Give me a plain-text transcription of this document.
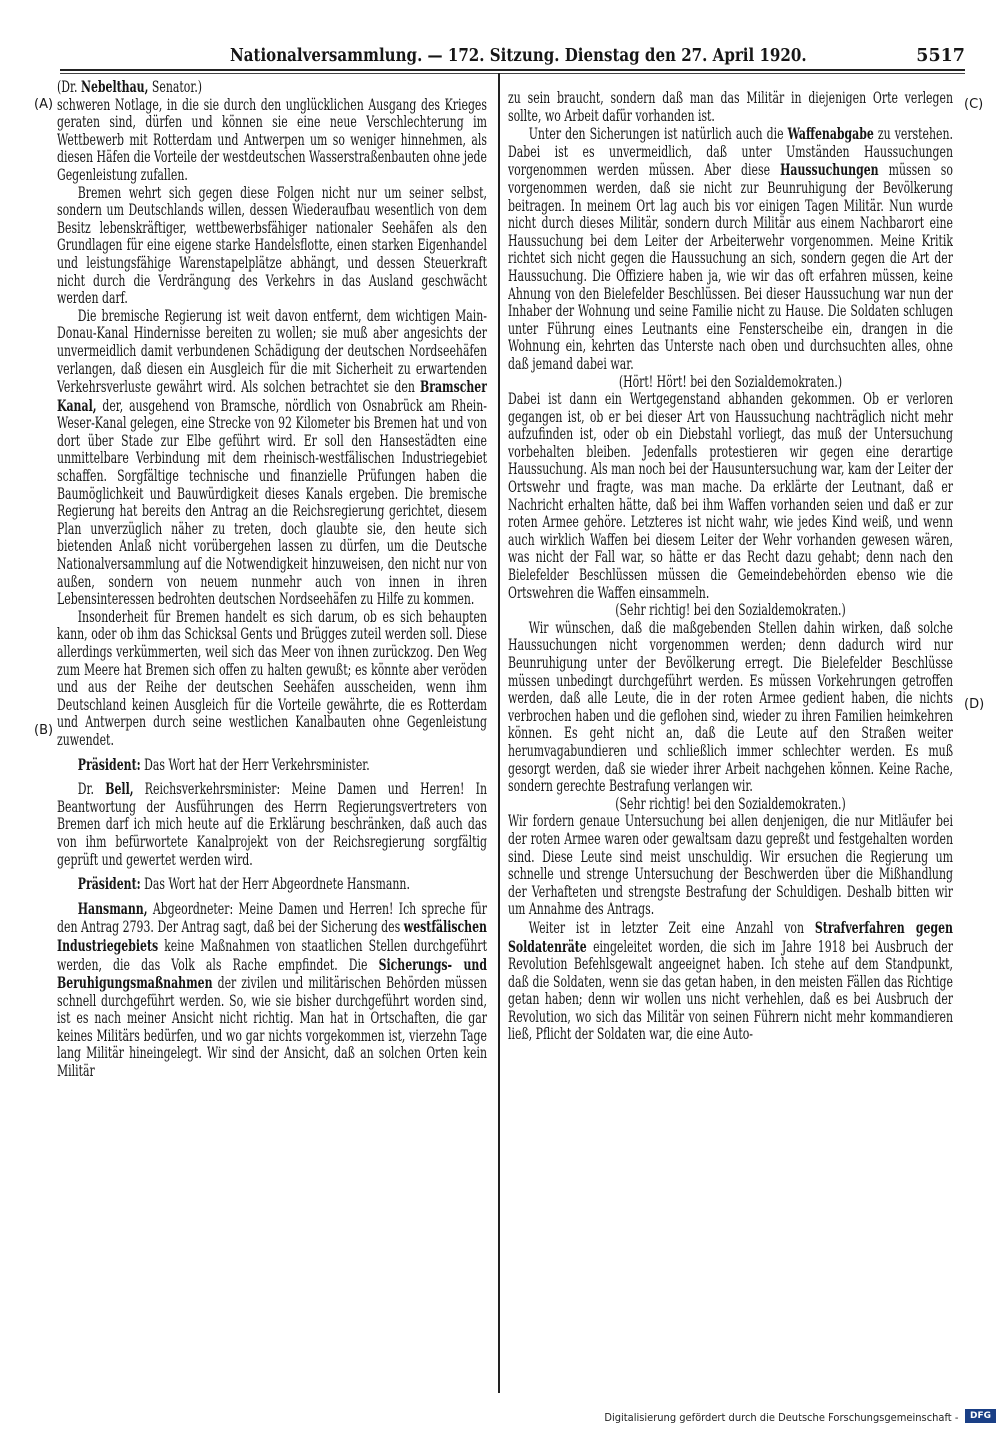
Nationalversammlung. — 172. Sitzung. Dienstag den 27. April 1920.	5517
(A)
(B)
(C)
(D)

(Dr. Nebelthau, Senator.)

schweren Notlage, in die sie durch den unglücklichen Ausgang des Krieges geraten sind, dürfen und können sie eine neue Verschlechterung im Wettbewerb mit Rotterdam und Antwerpen um so weniger hinnehmen, als diesen Häfen die Vorteile der westdeutschen Wasserstraßenbauten ohne jede Gegenleistung zufallen.

Bremen wehrt sich gegen diese Folgen nicht nur um seiner selbst, sondern um Deutschlands willen, dessen Wiederaufbau wesentlich von dem Besitz lebenskräftiger, wettbewerbsfähiger nationaler Seehäfen als den Grundlagen für eine eigene starke Handelsflotte, einen starken Eigenhandel und leistungsfähige Warenstapelplätze abhängt, und dessen Steuerkraft nicht durch die Verdrängung des Verkehrs in das Ausland geschwächt werden darf.

Die bremische Regierung ist weit davon entfernt, dem wichtigen Main-Donau-Kanal Hindernisse bereiten zu wollen; sie muß aber angesichts der unvermeidlich damit verbundenen Schädigung der deutschen Nordseehäfen verlangen, daß diesen ein Ausgleich für die mit Sicherheit zu erwartenden Verkehrsverluste gewährt wird. Als solchen betrachtet sie den Bramscher Kanal, der, ausgehend von Bramsche, nördlich von Osnabrück am Rhein-Weser-Kanal gelegen, eine Strecke von 92 Kilometer bis Bremen hat und von dort über Stade zur Elbe geführt wird. Er soll den Hansestädten eine unmittelbare Verbindung mit dem rheinisch-westfälischen Industriegebiet schaffen. Sorgfältige technische und finanzielle Prüfungen haben die Baumöglichkeit und Bauwürdigkeit dieses Kanals ergeben. Die bremische Regierung hat bereits den Antrag an die Reichsregierung gerichtet, diesem Plan unverzüglich näher zu treten, doch glaubte sie, den heute sich bietenden Anlaß nicht vorübergehen lassen zu dürfen, um die Deutsche Nationalversammlung auf die Notwendigkeit hinzuweisen, den nicht nur von außen, sondern von neuem nunmehr auch von innen in ihren Lebensinteressen bedrohten deutschen Nordseehäfen zu Hilfe zu kommen.

Insonderheit für Bremen handelt es sich darum, ob es sich behaupten kann, oder ob ihm das Schicksal Gents und Brügges zuteil werden soll. Diese allerdings verkümmerten, weil sich das Meer von ihnen zurückzog. Den Weg zum Meere hat Bremen sich offen zu halten gewußt; es könnte aber veröden und aus der Reihe der deutschen Seehäfen ausscheiden, wenn ihm Deutschland keinen Ausgleich für die Vorteile gewährte, die es Rotterdam und Antwerpen durch seine westlichen Kanalbauten ohne Gegenleistung zuwendet.

Präsident: Das Wort hat der Herr Verkehrsminister.

Dr. Bell, Reichsverkehrsminister: Meine Damen und Herren! In Beantwortung der Ausführungen des Herrn Regierungsvertreters von Bremen darf ich mich heute auf die Erklärung beschränken, daß auch das von ihm befürwortete Kanalprojekt von der Reichsregierung sorgfältig geprüft und gewertet werden wird.

Präsident: Das Wort hat der Herr Abgeordnete Hansmann.

Hansmann, Abgeordneter: Meine Damen und Herren! Ich spreche für den Antrag 2793. Der Antrag sagt, daß bei der Sicherung des westfälischen Industriegebiets keine Maßnahmen von staatlichen Stellen durchgeführt werden, die das Volk als Rache empfindet. Die Sicherungs- und Beruhigungsmaßnahmen der zivilen und militärischen Behörden müssen schnell durchgeführt werden. So, wie sie bisher durchgeführt worden sind, ist es nach meiner Ansicht nicht richtig. Man hat in Ortschaften, die gar keines Militärs bedürfen, und wo gar nichts vorgekommen ist, vierzehn Tage lang Militär hineingelegt. Wir sind der Ansicht, daß an solchen Orten kein Militär

zu sein braucht, sondern daß man das Militär in diejenigen Orte verlegen sollte, wo Arbeit dafür vorhanden ist.

Unter den Sicherungen ist natürlich auch die Waffenabgabe zu verstehen. Dabei ist es unvermeidlich, daß unter Umständen Haussuchungen vorgenommen werden müssen. Aber diese Haussuchungen müssen so vorgenommen werden, daß sie nicht zur Beunruhigung der Bevölkerung beitragen. In meinem Ort lag auch bis vor einigen Tagen Militär. Nun wurde nicht durch dieses Militär, sondern durch Militär aus einem Nachbarort eine Haussuchung bei dem Leiter der Arbeiterwehr vorgenommen. Meine Kritik richtet sich nicht gegen die Haussuchung an sich, sondern gegen die Art der Haussuchung. Die Offiziere haben ja, wie wir das oft erfahren müssen, keine Ahnung von den Bielefelder Beschlüssen. Bei dieser Haussuchung war nun der Inhaber der Wohnung und seine Familie nicht zu Hause. Die Soldaten schlugen unter Führung eines Leutnants eine Fensterscheibe ein, drangen in die Wohnung ein, kehrten das Unterste nach oben und durchsuchten alles, ohne daß jemand dabei war.

(Hört! Hört! bei den Sozialdemokraten.)

Dabei ist dann ein Wertgegenstand abhanden gekommen. Ob er verloren gegangen ist, ob er bei dieser Art von Haussuchung nachträglich nicht mehr aufzufinden ist, oder ob ein Diebstahl vorliegt, das muß der Untersuchung vorbehalten bleiben. Jedenfalls protestieren wir gegen eine derartige Haussuchung. Als man noch bei der Hausuntersuchung war, kam der Leiter der Ortswehr und fragte, was man mache. Da erklärte der Leutnant, daß er Nachricht erhalten hätte, daß bei ihm Waffen vorhanden seien und daß er zur roten Armee gehöre. Letzteres ist nicht wahr, wie jedes Kind weiß, und wenn auch wirklich Waffen bei diesem Leiter der Wehr vorhanden gewesen wären, was nicht der Fall war, so hätte er das Recht dazu gehabt; denn nach den Bielefelder Beschlüssen müssen die Gemeindebehörden ebenso wie die Ortswehren die Waffen einsammeln.

(Sehr richtig! bei den Sozialdemokraten.)

Wir wünschen, daß die maßgebenden Stellen dahin wirken, daß solche Haussuchungen nicht vorgenommen werden; denn dadurch wird nur Beunruhigung unter der Bevölkerung erregt. Die Bielefelder Beschlüsse müssen unbedingt durchgeführt werden. Es müssen Vorkehrungen getroffen werden, daß alle Leute, die in der roten Armee gedient haben, die nichts verbrochen haben und die geflohen sind, wieder zu ihren Familien heimkehren können. Es geht nicht an, daß die Leute auf den Straßen weiter herumvagabundieren und schließlich immer schlechter werden. Es muß gesorgt werden, daß sie wieder ihrer Arbeit nachgehen können. Keine Rache, sondern gerechte Bestrafung verlangen wir.

(Sehr richtig! bei den Sozialdemokraten.)

Wir fordern genaue Untersuchung bei allen denjenigen, die nur Mitläufer bei der roten Armee waren oder gewaltsam dazu gepreßt und festgehalten worden sind. Diese Leute sind meist unschuldig. Wir ersuchen die Regierung um schnelle und strenge Untersuchung der Beschwerden über die Mißhandlung der Verhafteten und strengste Bestrafung der Schuldigen. Deshalb bitten wir um Annahme des Antrags.

Weiter ist in letzter Zeit eine Anzahl von Strafverfahren gegen Soldatenräte eingeleitet worden, die sich im Jahre 1918 bei Ausbruch der Revolution Befehlsgewalt angeeignet haben. Ich stehe auf dem Standpunkt, daß die Soldaten, wenn sie das getan haben, in den meisten Fällen das Richtige getan haben; denn wir wollen uns nicht verhehlen, daß es bei Ausbruch der Revolution, wo sich das Militär von seinen Führern nicht mehr kommandieren ließ, Pflicht der Soldaten war, die eine Auto-

Digitalisierung gefördert durch die Deutsche Forschungsgemeinschaft -	DFG
